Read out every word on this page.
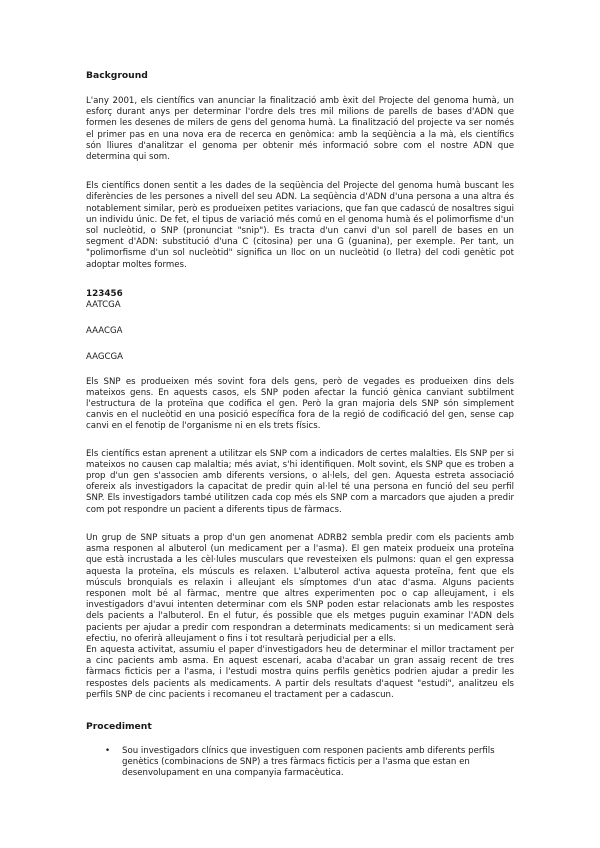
Background

L'any 2001, els científics van anunciar la finalització amb èxit del Projecte del genoma humà, un esforç durant anys per determinar l'ordre dels tres mil milions de parells de bases d'ADN que formen les desenes de milers de gens del genoma humà. La finalització del projecte va ser només el primer pas en una nova era de recerca en genòmica: amb la seqüència a la mà, els científics són lliures d'analitzar el genoma per obtenir més informació sobre com el nostre ADN que determina qui som.

Els científics donen sentit a les dades de la seqüència del Projecte del genoma humà buscant les diferències de les persones a nivell del seu ADN. La seqüència d'ADN d'una persona a una altra és notablement similar, però es produeixen petites variacions, que fan que cadascú de nosaltres sigui un individu únic. De fet, el tipus de variació més comú en el genoma humà és el polimorfisme d'un sol nucleòtid, o SNP (pronunciat "snip"). Es tracta d'un canvi d'un sol parell de bases en un segment d'ADN: substitució d'una C (citosina) per una G (guanina), per exemple. Per tant, un "polimorfisme d'un sol nucleòtid" significa un lloc on un nucleòtid (o lletra) del codi genètic pot adoptar moltes formes.

123456
AATCGA
AAACGA
AAGCGA

Els SNP es produeixen més sovint fora dels gens, però de vegades es produeixen dins dels mateixos gens. En aquests casos, els SNP poden afectar la funció gènica canviant subtilment l'estructura de la proteïna que codifica el gen. Però la gran majoria dels SNP són simplement canvis en el nucleòtid en una posició específica fora de la regió de codificació del gen, sense cap canvi en el fenotip de l'organisme ni en els trets físics.

Els científics estan aprenent a utilitzar els SNP com a indicadors de certes malalties. Els SNP per si mateixos no causen cap malaltia; més aviat, s'hi identifiquen. Molt sovint, els SNP que es troben a prop d'un gen s'associen amb diferents versions, o al·lels, del gen. Aquesta estreta associació ofereix als investigadors la capacitat de predir quin al·lel té una persona en funció del seu perfil SNP. Els investigadors també utilitzen cada cop més els SNP com a marcadors que ajuden a predir com pot respondre un pacient a diferents tipus de fàrmacs.

Un grup de SNP situats a prop d'un gen anomenat ADRB2 sembla predir com els pacients amb asma responen al albuterol (un medicament per a l'asma). El gen mateix produeix una proteïna que està incrustada a les cèl·lules musculars que revesteixen els pulmons: quan el gen expressa aquesta la proteïna, els músculs es relaxen. L'albuterol activa aquesta proteïna, fent que els músculs bronquials es relaxin i alleujant els símptomes d'un atac d'asma. Alguns pacients responen molt bé al fàrmac, mentre que altres experimenten poc o cap alleujament, i els investigadors d'avui intenten determinar com els SNP poden estar relacionats amb les respostes dels pacients a l'albuterol. En el futur, és possible que els metges puguin examinar l'ADN dels pacients per ajudar a predir com respondran a determinats medicaments: si un medicament serà efectiu, no oferirà alleujament o fins i tot resultarà perjudicial per a ells.

En aquesta activitat, assumiu el paper d'investigadors heu de determinar el millor tractament per a cinc pacients amb asma. En aquest escenari, acaba d'acabar un gran assaig recent de tres fàrmacs ficticis per a l'asma, i l'estudi mostra quins perfils genètics podrien ajudar a predir les respostes dels pacients als medicaments. A partir dels resultats d'aquest "estudi", analitzeu els perfils SNP de cinc pacients i recomaneu el tractament per a cadascun.

Procediment
• Sou investigadors clínics que investiguen com responen pacients amb diferents perfils genètics (combinacions de SNP) a tres fàrmacs ficticis per a l'asma que estan en desenvolupament en una companyia farmacèutica.
